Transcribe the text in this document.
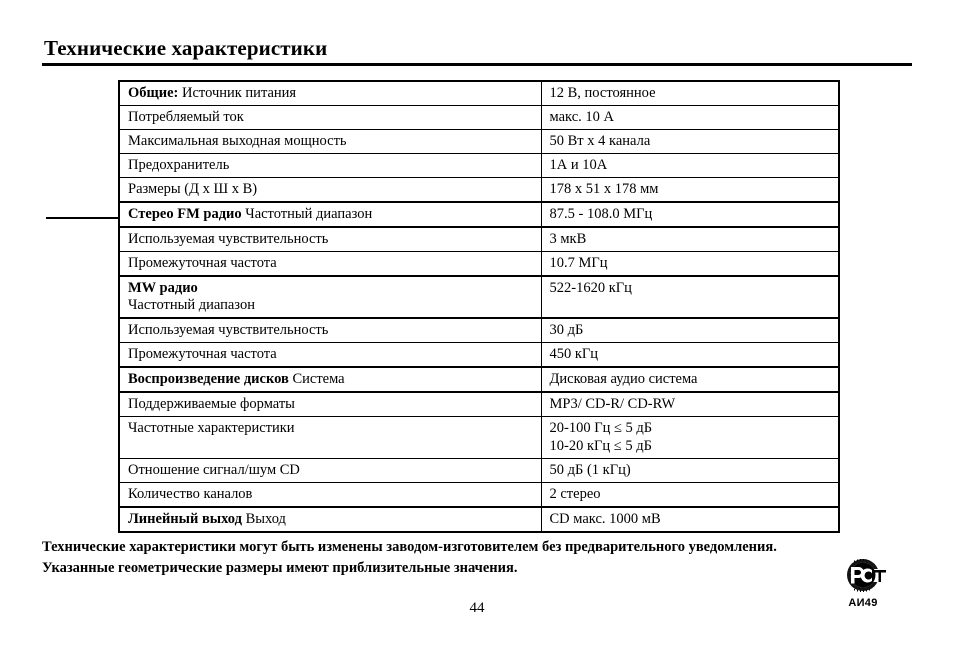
Технические характеристики
Общие: Источник питания	12 В, постоянное
Потребляемый ток	макс. 10 А
Максимальная выходная мощность	50 Вт х 4 канала
Предохранитель	1А и 10А
Размеры (Д х Ш х В)	178 x 51 x 178 мм
Стерео FM радио Частотный диапазон	87.5 - 108.0 МГц
Используемая чувствительность	3 мкВ
Промежуточная частота	10.7 МГц

MW радио
Частотный диапазон	522-1620 кГц
Используемая чувствительность	30 дБ
Промежуточная частота	450 кГц
Воспроизведение дисков Система	Дисковая аудио система
Поддерживаемые форматы	MP3/ CD-R/ CD-RW
Частотные характеристики	20-100 Гц ≤ 5 дБ
10-20 кГц ≤ 5 дБ

Отношение сигнал/шум CD	50 дБ (1 кГц)
Количество каналов	2 стерео
Линейный выход Выход	CD макс. 1000 мВ
Технические характеристики могут быть изменены заводом-изготовителем без предварительного уведомления.
Указанные геометрические размеры имеют приблизительные значения.
АИ49
44
